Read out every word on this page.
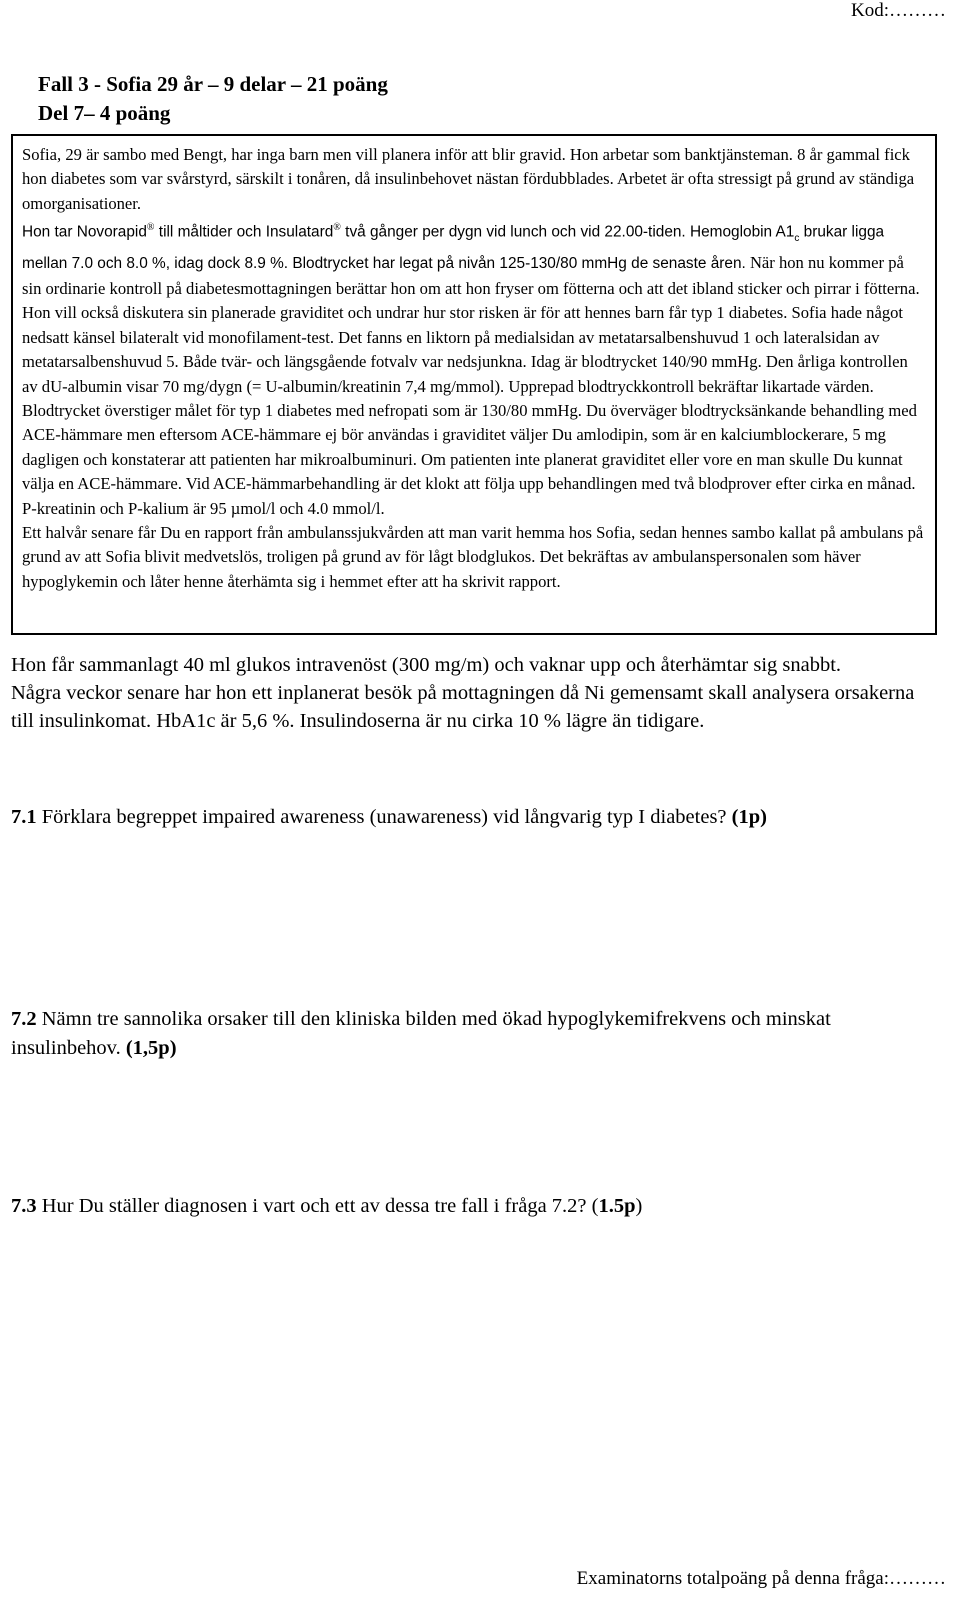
Kod:………
Fall 3 - Sofia 29 år – 9 delar – 21 poäng
Del 7– 4 poäng

Sofia, 29 är sambo med Bengt, har inga barn men vill planera inför att blir gravid. Hon arbetar som banktjänsteman. 8 år gammal fick hon diabetes som var svårstyrd, särskilt i tonåren, då insulinbehovet nästan fördubblades. Arbetet är ofta stressigt på grund av ständiga omorganisationer.

Hon tar Novorapid® till måltider och Insulatard® två gånger per dygn vid lunch och vid 22.00-tiden. Hemoglobin $A1_c$ brukar ligga mellan 7.0 och 8.0 %, idag dock 8.9 %. Blodtrycket har legat på nivån 125-130/80 mmHg de senaste åren. När hon nu kommer på sin ordinarie kontroll på diabetesmottagningen berättar hon om att hon fryser om fötterna och att det ibland sticker och pirrar i fötterna. Hon vill också diskutera sin planerade graviditet och undrar hur stor risken är för att hennes barn får typ 1 diabetes. Sofia hade något nedsatt känsel bilateralt vid monofilament-test. Det fanns en liktorn på medialsidan av metatarsalbenshuvud 1 och lateralsidan av metatarsalbenshuvud 5. Både tvär- och längsgående fotvalv var nedsjunkna. Idag är blodtrycket 140/90 mmHg. Den årliga kontrollen av dU-albumin visar 70 mg/dygn (= U-albumin/kreatinin 7,4 mg/mmol). Upprepad blodtryckkontroll bekräftar likartade värden. Blodtrycket överstiger målet för typ 1 diabetes med nefropati som är 130/80 mmHg. Du överväger blodtrycksänkande behandling med ACE-hämmare men eftersom ACE-hämmare ej bör användas i graviditet väljer Du amlodipin, som är en kalciumblockerare, 5 mg dagligen och konstaterar att patienten har mikroalbuminuri. Om patienten inte planerat graviditet eller vore en man skulle Du kunnat välja en ACE-hämmare. Vid ACE-hämmarbehandling är det klokt att följa upp behandlingen med två blodprover efter cirka en månad. P-kreatinin och P-kalium är 95 µmol/l och 4.0 mmol/l.

Ett halvår senare får Du en rapport från ambulanssjukvården att man varit hemma hos Sofia, sedan hennes sambo kallat på ambulans på grund av att Sofia blivit medvetslös, troligen på grund av för lågt blodglukos. Det bekräftas av ambulanspersonalen som häver hypoglykemin och låter henne återhämta sig i hemmet efter att ha skrivit rapport.

Hon får sammanlagt 40 ml glukos intravenöst (300 mg/m) och vaknar upp och återhämtar sig snabbt.

Några veckor senare har hon ett inplanerat besök på mottagningen då Ni gemensamt skall analysera orsakerna till insulinkomat. HbA1c är 5,6 %. Insulindoserna är nu cirka 10 % lägre än tidigare.

7.1 Förklara begreppet impaired awareness (unawareness) vid långvarig typ I diabetes? (1p)
7.2 Nämn tre sannolika orsaker till den kliniska bilden med ökad hypoglykemifrekvens och minskat insulinbehov. (1,5p)
7.3 Hur Du ställer diagnosen i vart och ett av dessa tre fall i fråga 7.2? (1.5p)
Examinatorns totalpoäng på denna fråga:………
